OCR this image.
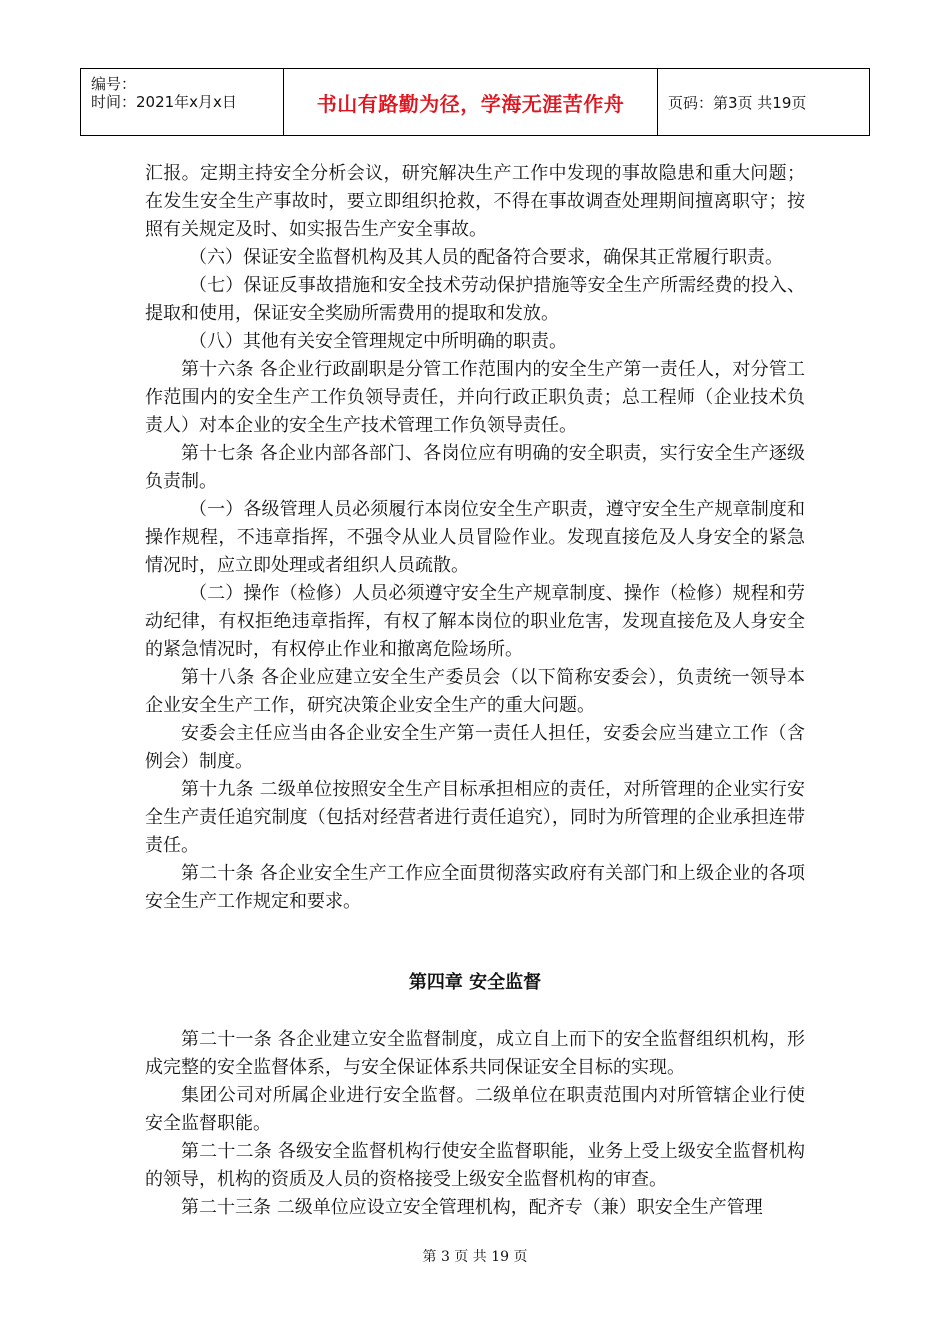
编号：
时间：2021年x月x日	书山有路勤为径，学海无涯苦作舟	页码：第3页 共19页

汇报。定期主持安全分析会议，研究解决生产工作中发现的事故隐患和重大问题；在发生安全生产事故时，要立即组织抢救，不得在事故调查处理期间擅离职守；按照有关规定及时、如实报告生产安全事故。

（六）保证安全监督机构及其人员的配备符合要求，确保其正常履行职责。

（七）保证反事故措施和安全技术劳动保护措施等安全生产所需经费的投入、提取和使用，保证安全奖励所需费用的提取和发放。

（八）其他有关安全管理规定中所明确的职责。

第十六条 各企业行政副职是分管工作范围内的安全生产第一责任人，对分管工作范围内的安全生产工作负领导责任，并向行政正职负责；总工程师（企业技术负责人）对本企业的安全生产技术管理工作负领导责任。

第十七条 各企业内部各部门、各岗位应有明确的安全职责，实行安全生产逐级负责制。

（一）各级管理人员必须履行本岗位安全生产职责，遵守安全生产规章制度和操作规程，不违章指挥，不强令从业人员冒险作业。发现直接危及人身安全的紧急情况时，应立即处理或者组织人员疏散。

（二）操作（检修）人员必须遵守安全生产规章制度、操作（检修）规程和劳动纪律，有权拒绝违章指挥，有权了解本岗位的职业危害，发现直接危及人身安全的紧急情况时，有权停止作业和撤离危险场所。

第十八条 各企业应建立安全生产委员会（以下简称安委会），负责统一领导本企业安全生产工作，研究决策企业安全生产的重大问题。

安委会主任应当由各企业安全生产第一责任人担任，安委会应当建立工作（含例会）制度。

第十九条 二级单位按照安全生产目标承担相应的责任，对所管理的企业实行安全生产责任追究制度（包括对经营者进行责任追究），同时为所管理的企业承担连带责任。

第二十条 各企业安全生产工作应全面贯彻落实政府有关部门和上级企业的各项安全生产工作规定和要求。

第四章 安全监督

第二十一条 各企业建立安全监督制度，成立自上而下的安全监督组织机构，形成完整的安全监督体系，与安全保证体系共同保证安全目标的实现。

集团公司对所属企业进行安全监督。二级单位在职责范围内对所管辖企业行使安全监督职能。

第二十二条 各级安全监督机构行使安全监督职能，业务上受上级安全监督机构的领导，机构的资质及人员的资格接受上级安全监督机构的审查。

第二十三条 二级单位应设立安全管理机构，配齐专（兼）职安全生产管理

第 3 页 共 19 页
